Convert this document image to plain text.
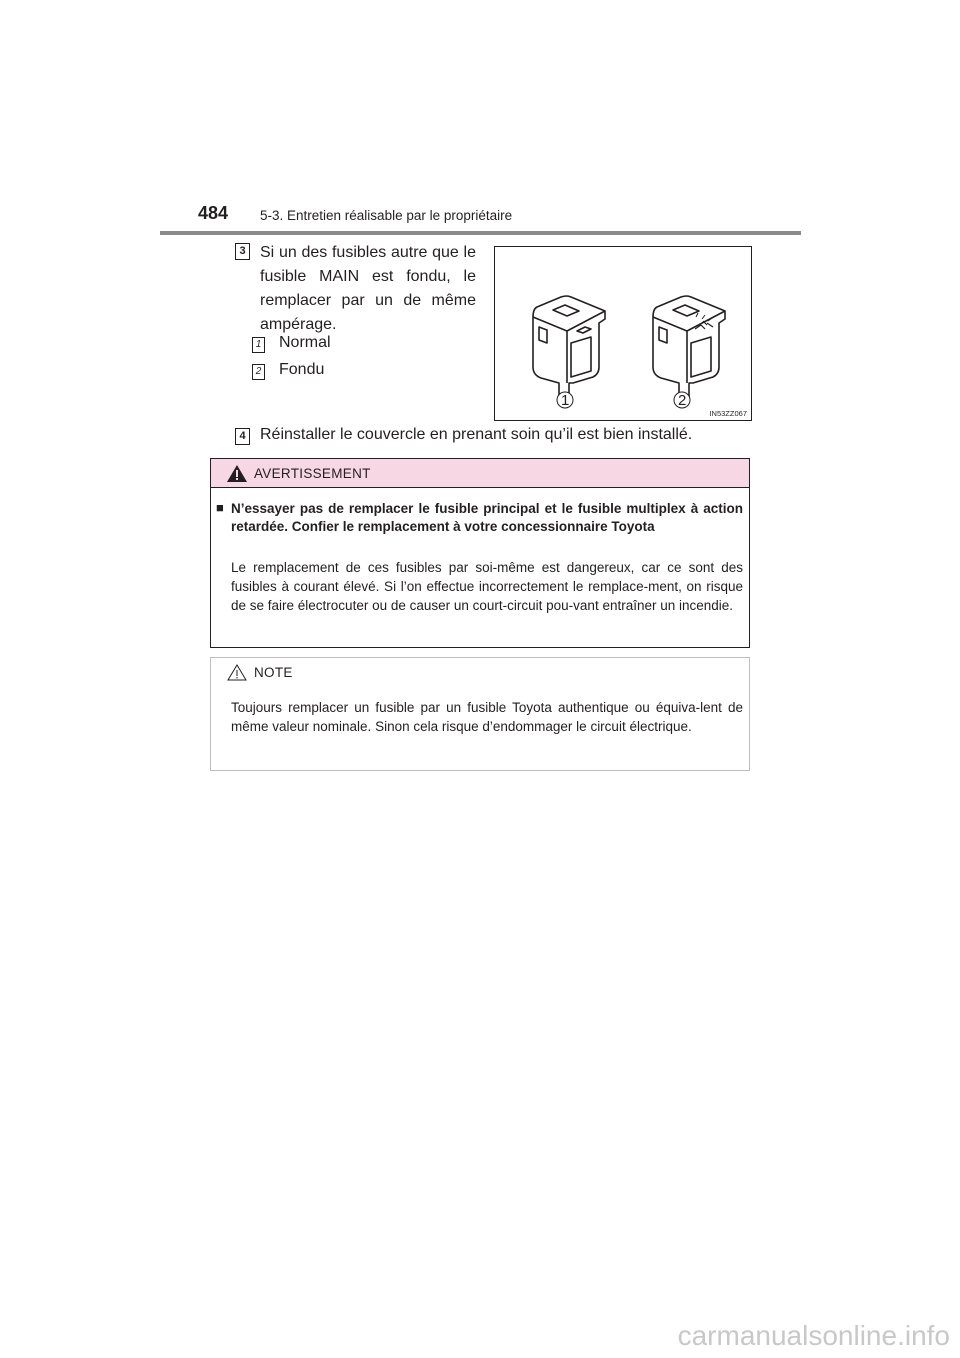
484 5-3. Entretien réalisable par le propriétaire
3 Si un des fusibles autre que le fusible MAIN est fondu, le remplacer par un de même ampérage.
1 Normal
2 Fondu
1	2
IN53ZZ067
4 Réinstaller le couvercle en prenant soin qu’il est bien installé.
AVERTISSEMENT
■ N’essayer pas de remplacer le fusible principal et le fusible multiplex à action retardée. Confier le remplacement à votre concessionnaire Toyota
Le remplacement de ces fusibles par soi-même est dangereux, car ce sont des fusibles à courant élevé. Si l’on effectue incorrectement le remplace-ment, on risque de se faire électrocuter ou de causer un court-circuit pou-vant entraîner un incendie.
NOTE
Toujours remplacer un fusible par un fusible Toyota authentique ou équiva-lent de même valeur nominale. Sinon cela risque d’endommager le circuit électrique.
carmanualsonline.info
